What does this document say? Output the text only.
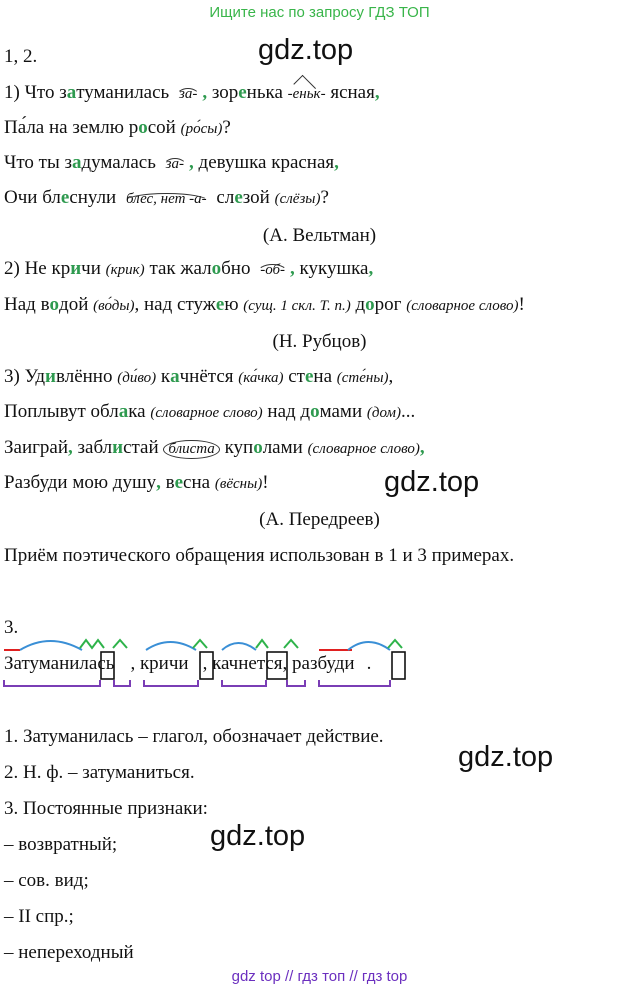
Ищите нас по запросу ГДЗ ТОП
gdz.top
1, 2.
1) Что затуманилась за- , зоренька -еньк- ясная,
Па́ла на землю росой (ро́сы)?
Что ты задумалась за- , девушка красная,
Очи блеснули блес, нет -а- слезой (слёзы)?
(А. Вельтман)
2) Не кричи (крик) так жалобно -об- , кукушка,
Над водой (во́ды), над стужею (сущ. 1 скл. Т. п.) дорог (словарное слово)!
(Н. Рубцов)
3) Удивлённо (ди́во) качнётся (ка́чка) стена (сте́ны),
Поплывут облака (словарное слово) над домами (дом)...
Заиграй, заблистай блиста куполами (словарное слово),
Разбуди мою душу, весна (вёсны)!	gdz.top
(А. Передреев)
Приём поэтического обращения использован в 1 и 3 примерах.
3.
Затуманилась , кричи , качнется, разбуди .
1. Затуманилась – глагол, обозначает действие.
gdz.top
2. Н. ф. – затуманиться.
3. Постоянные признаки:
gdz.top
– возвратный;
– сов. вид;
– II спр.;
– непереходный
gdz top // гдз топ // гдз top
